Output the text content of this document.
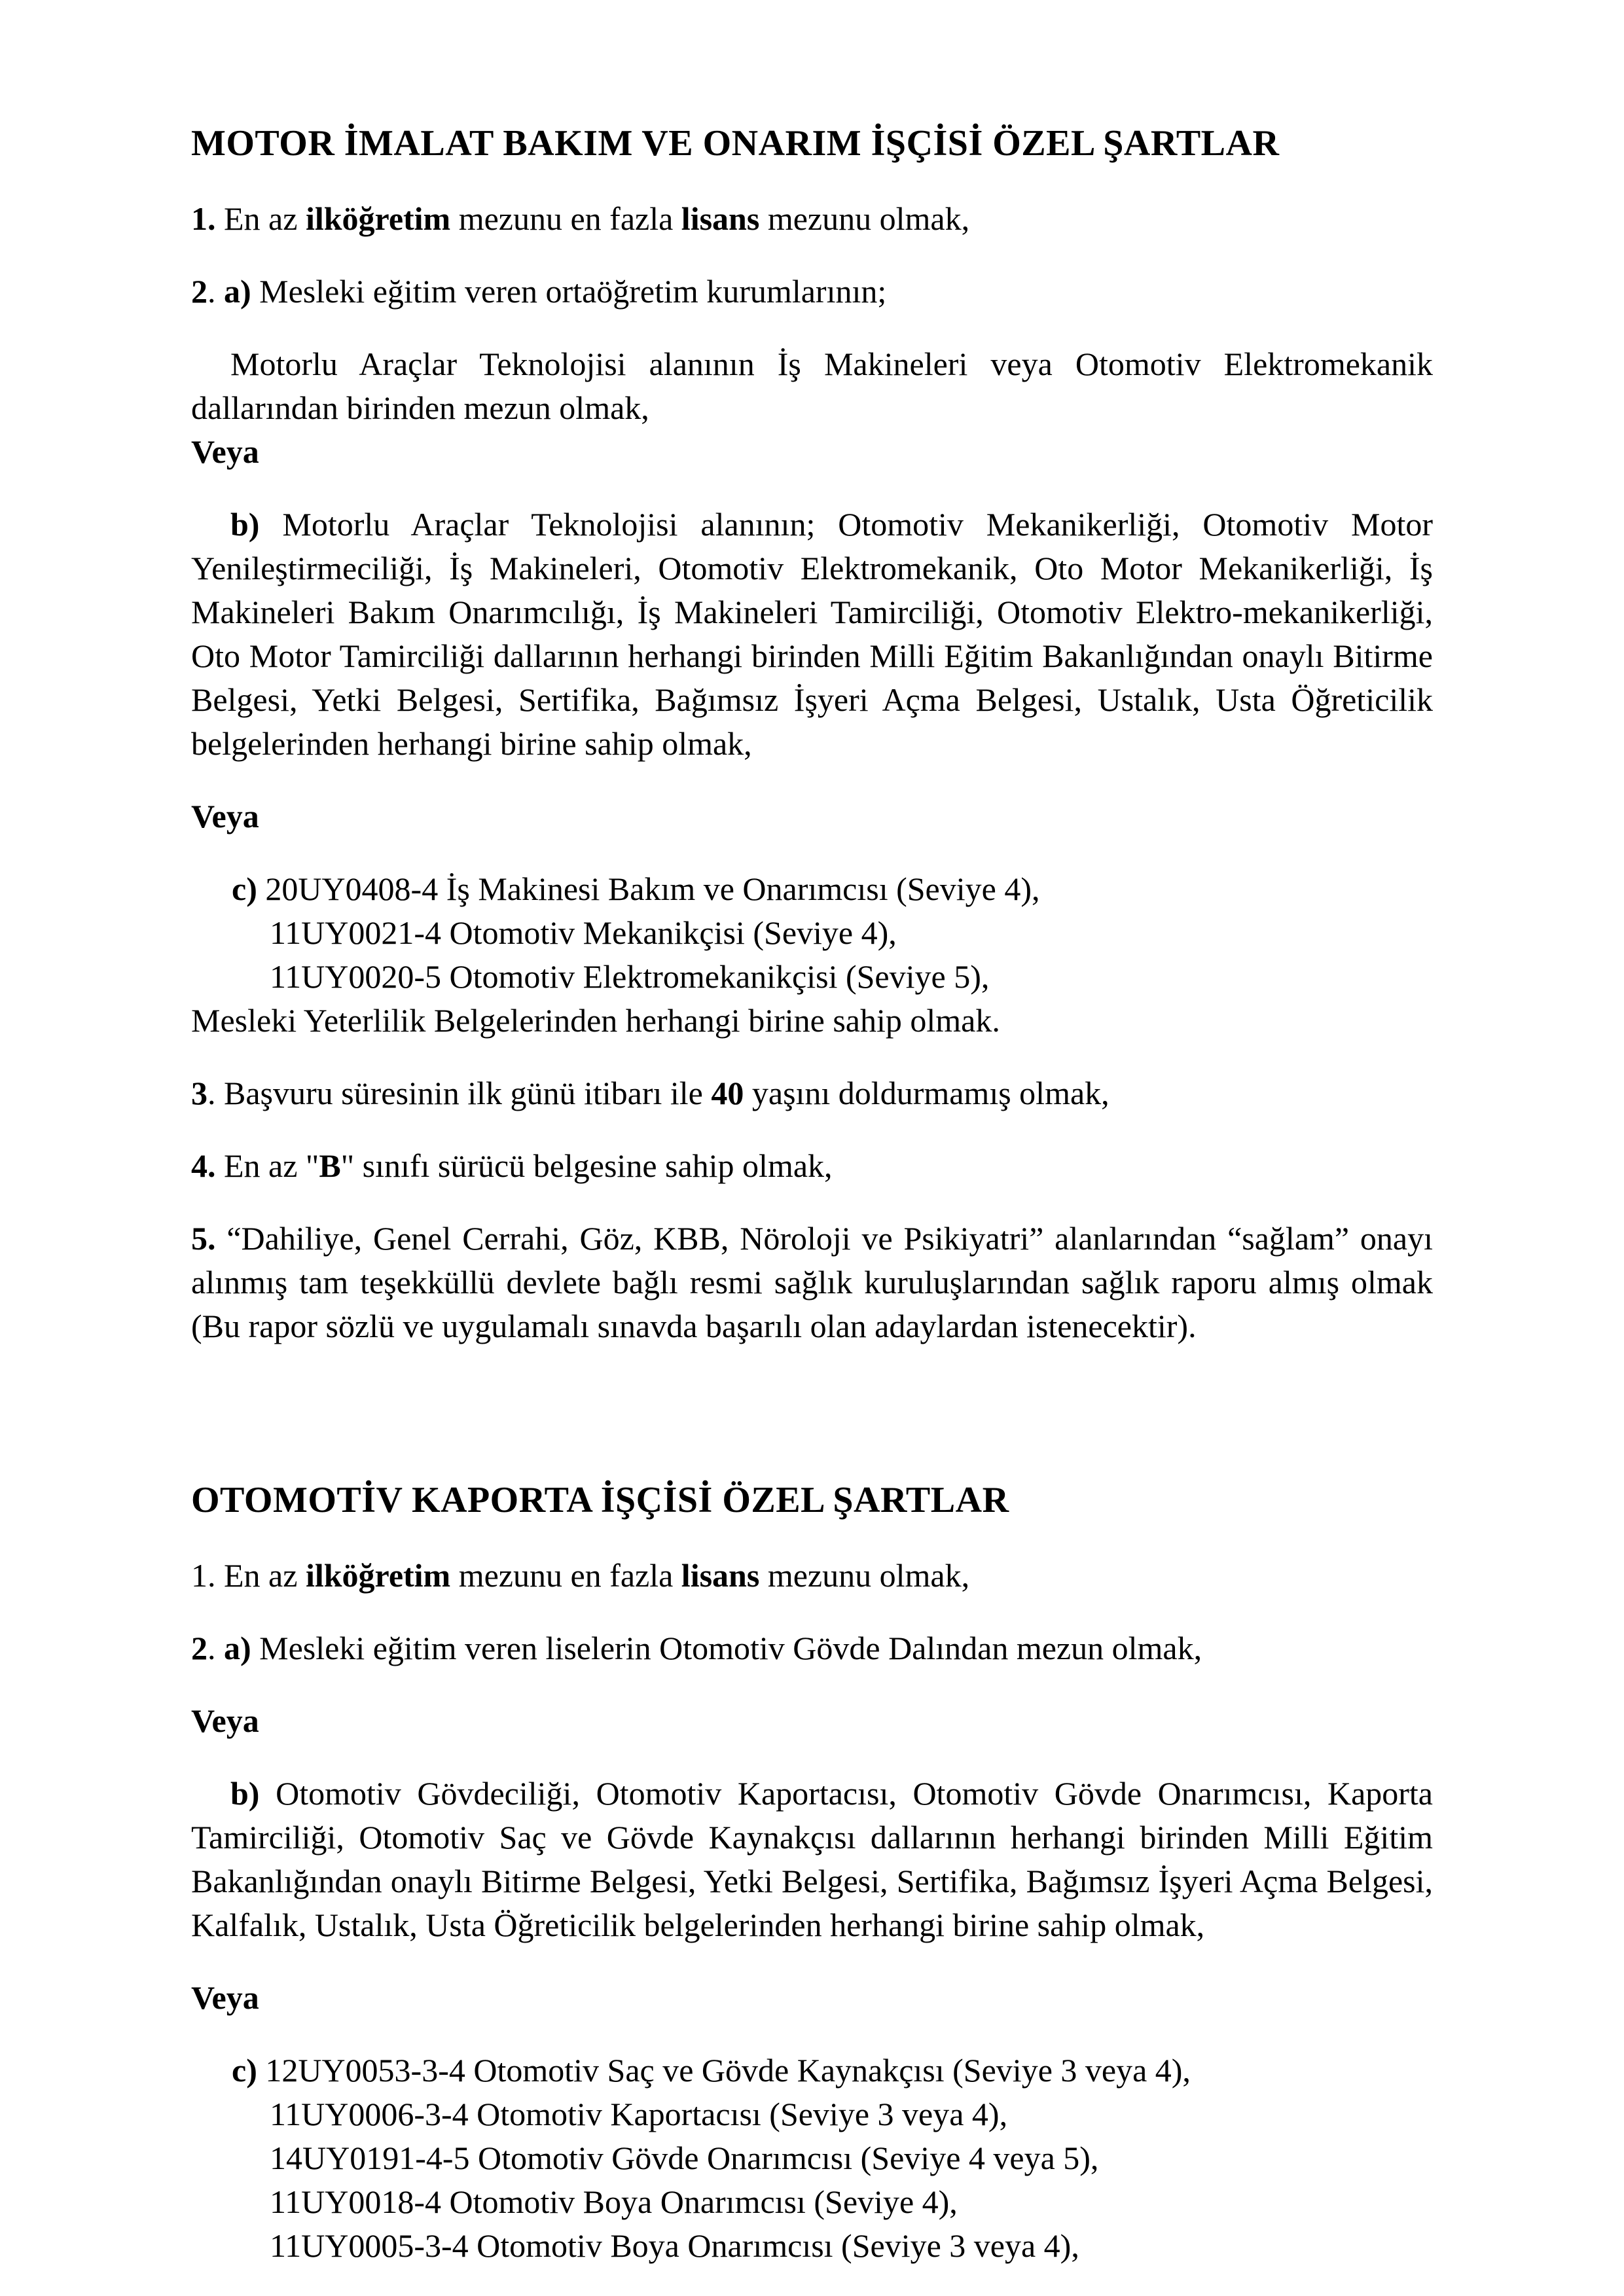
MOTOR İMALAT BAKIM VE ONARIM İŞÇİSİ ÖZEL ŞARTLAR

1. En az ilköğretim mezunu en fazla lisans mezunu olmak,

2. a) Mesleki eğitim veren ortaöğretim kurumlarının;

Motorlu Araçlar Teknolojisi alanının İş Makineleri veya Otomotiv Elektromekanik dallarından birinden mezun olmak,

Veya

b) Motorlu Araçlar Teknolojisi alanının; Otomotiv Mekanikerliği, Otomotiv Motor Yenileştirmeciliği, İş Makineleri, Otomotiv Elektromekanik, Oto Motor Mekanikerliği, İş Makineleri Bakım Onarımcılığı, İş Makineleri Tamirciliği, Otomotiv Elektro-mekanikerliği, Oto Motor Tamirciliği dallarının herhangi birinden Milli Eğitim Bakanlığından onaylı Bitirme Belgesi, Yetki Belgesi, Sertifika, Bağımsız İşyeri Açma Belgesi, Ustalık, Usta Öğreticilik belgelerinden herhangi birine sahip olmak,

Veya

c) 20UY0408-4 İş Makinesi Bakım ve Onarımcısı (Seviye 4),

11UY0021-4 Otomotiv Mekanikçisi (Seviye 4),

11UY0020-5 Otomotiv Elektromekanikçisi (Seviye 5),

Mesleki Yeterlilik Belgelerinden herhangi birine sahip olmak.

3. Başvuru süresinin ilk günü itibarı ile 40 yaşını doldurmamış olmak,

4. En az "B" sınıfı sürücü belgesine sahip olmak,

5. “Dahiliye, Genel Cerrahi, Göz, KBB, Nöroloji ve Psikiyatri” alanlarından “sağlam” onayı alınmış tam teşekküllü devlete bağlı resmi sağlık kuruluşlarından sağlık raporu almış olmak (Bu rapor sözlü ve uygulamalı sınavda başarılı olan adaylardan istenecektir).

OTOMOTİV KAPORTA İŞÇİSİ ÖZEL ŞARTLAR

1. En az ilköğretim mezunu en fazla lisans mezunu olmak,

2. a) Mesleki eğitim veren liselerin Otomotiv Gövde Dalından mezun olmak,

Veya

b) Otomotiv Gövdeciliği, Otomotiv Kaportacısı, Otomotiv Gövde Onarımcısı, Kaporta Tamirciliği, Otomotiv Saç ve Gövde Kaynakçısı dallarının herhangi birinden Milli Eğitim Bakanlığından onaylı Bitirme Belgesi, Yetki Belgesi, Sertifika, Bağımsız İşyeri Açma Belgesi, Kalfalık, Ustalık, Usta Öğreticilik belgelerinden herhangi birine sahip olmak,

Veya

c) 12UY0053-3-4 Otomotiv Saç ve Gövde Kaynakçısı (Seviye 3 veya 4),

11UY0006-3-4 Otomotiv Kaportacısı (Seviye 3 veya 4),

14UY0191-4-5 Otomotiv Gövde Onarımcısı (Seviye 4 veya 5),

11UY0018-4 Otomotiv Boya Onarımcısı (Seviye 4),

11UY0005-3-4 Otomotiv Boya Onarımcısı (Seviye 3 veya 4),
